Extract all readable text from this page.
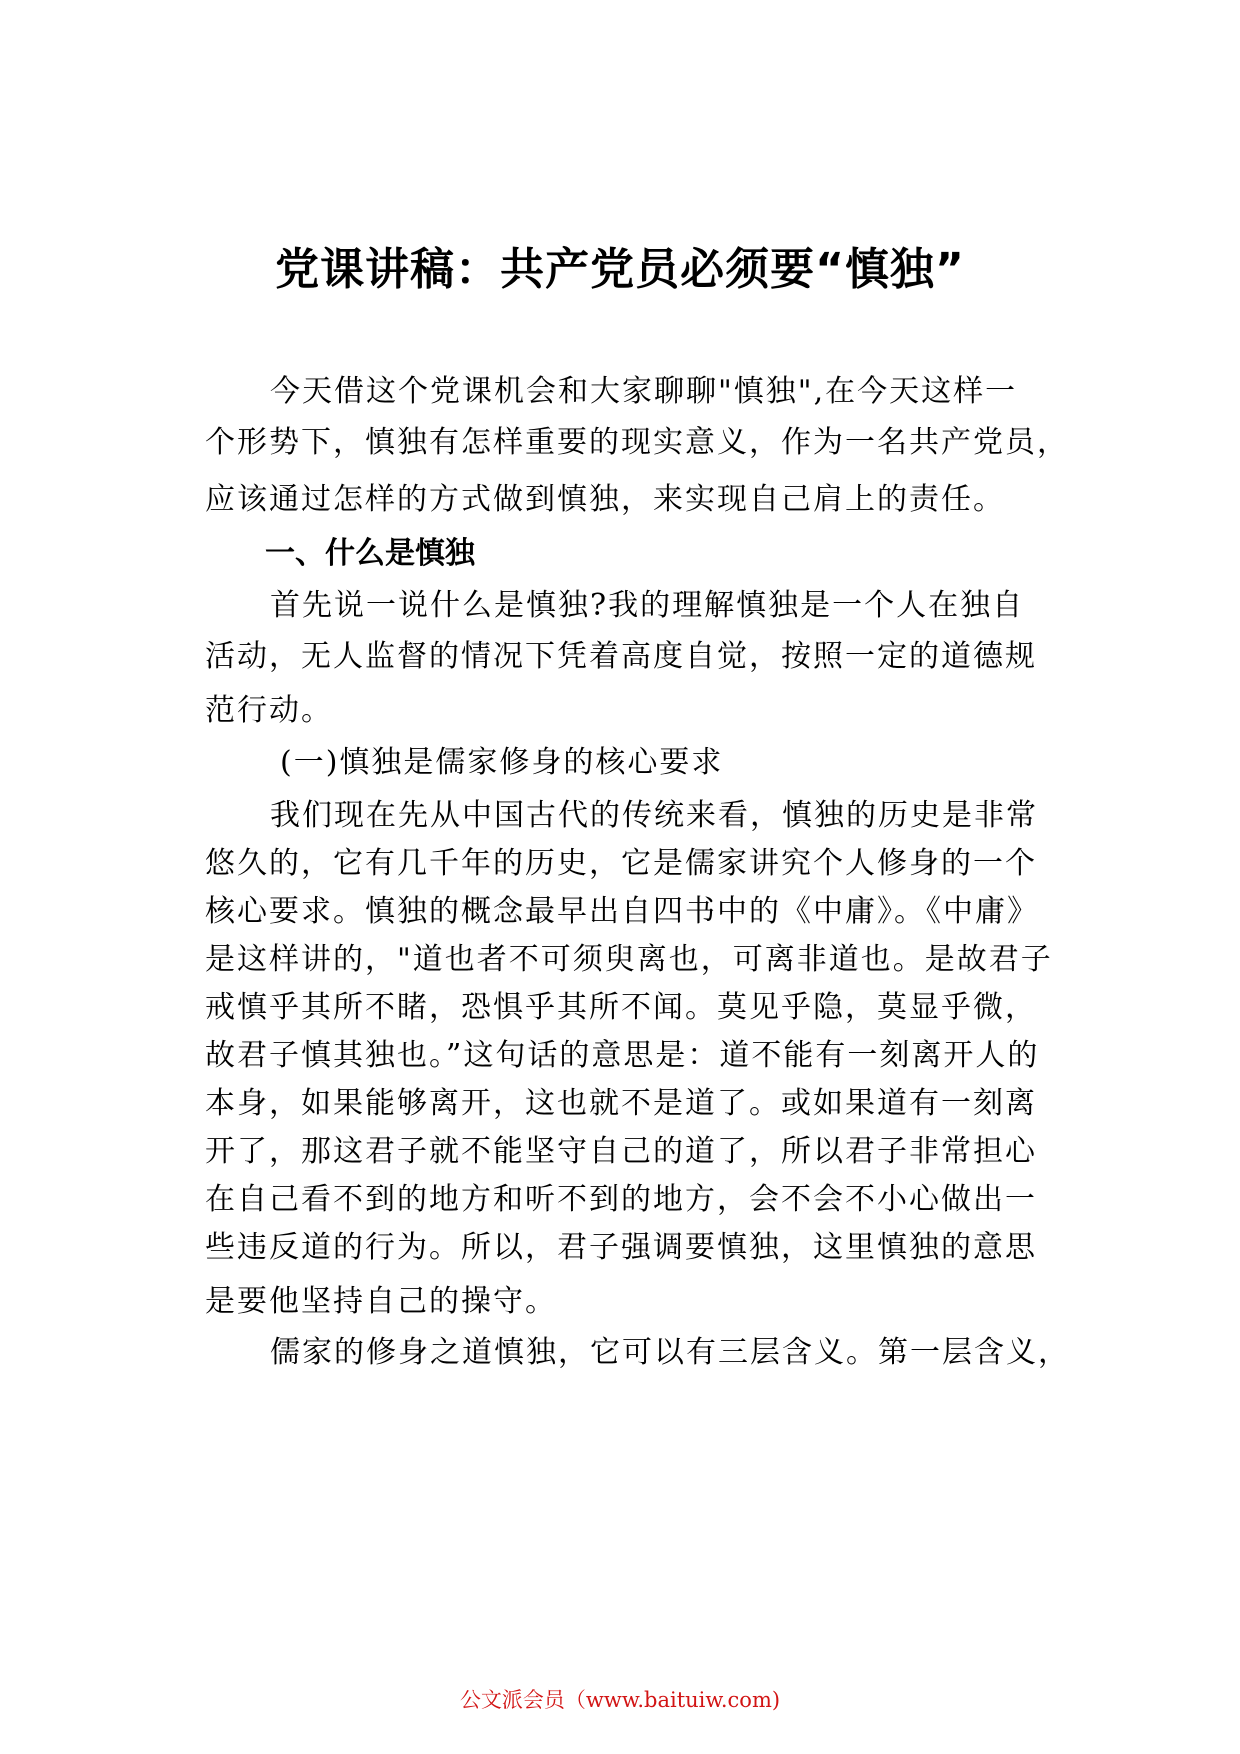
党课讲稿：共产党员必须要“慎独”
今天借这个党课机会和大家聊聊"慎独",在今天这样一
个形势下，慎独有怎样重要的现实意义，作为一名共产党员，
应该通过怎样的方式做到慎独，来实现自己肩上的责任。
一、什么是慎独
首先说一说什么是慎独?我的理解慎独是一个人在独自
活动，无人监督的情况下凭着高度自觉，按照一定的道德规
范行动。
(一)慎独是儒家修身的核心要求
我们现在先从中国古代的传统来看，慎独的历史是非常
悠久的，它有几千年的历史，它是儒家讲究个人修身的一个
核心要求。慎独的概念最早出自四书中的《中庸》。《中庸》
是这样讲的，"道也者不可须臾离也，可离非道也。是故君子
戒慎乎其所不睹，恐惧乎其所不闻。莫见乎隐，莫显乎微，
故君子慎其独也。”这句话的意思是：道不能有一刻离开人的
本身，如果能够离开，这也就不是道了。或如果道有一刻离
开了，那这君子就不能坚守自己的道了，所以君子非常担心
在自己看不到的地方和听不到的地方，会不会不小心做出一
些违反道的行为。所以，君子强调要慎独，这里慎独的意思
是要他坚持自己的操守。
儒家的修身之道慎独，它可以有三层含义。第一层含义，
公文派会员（www.baituiw.com)
